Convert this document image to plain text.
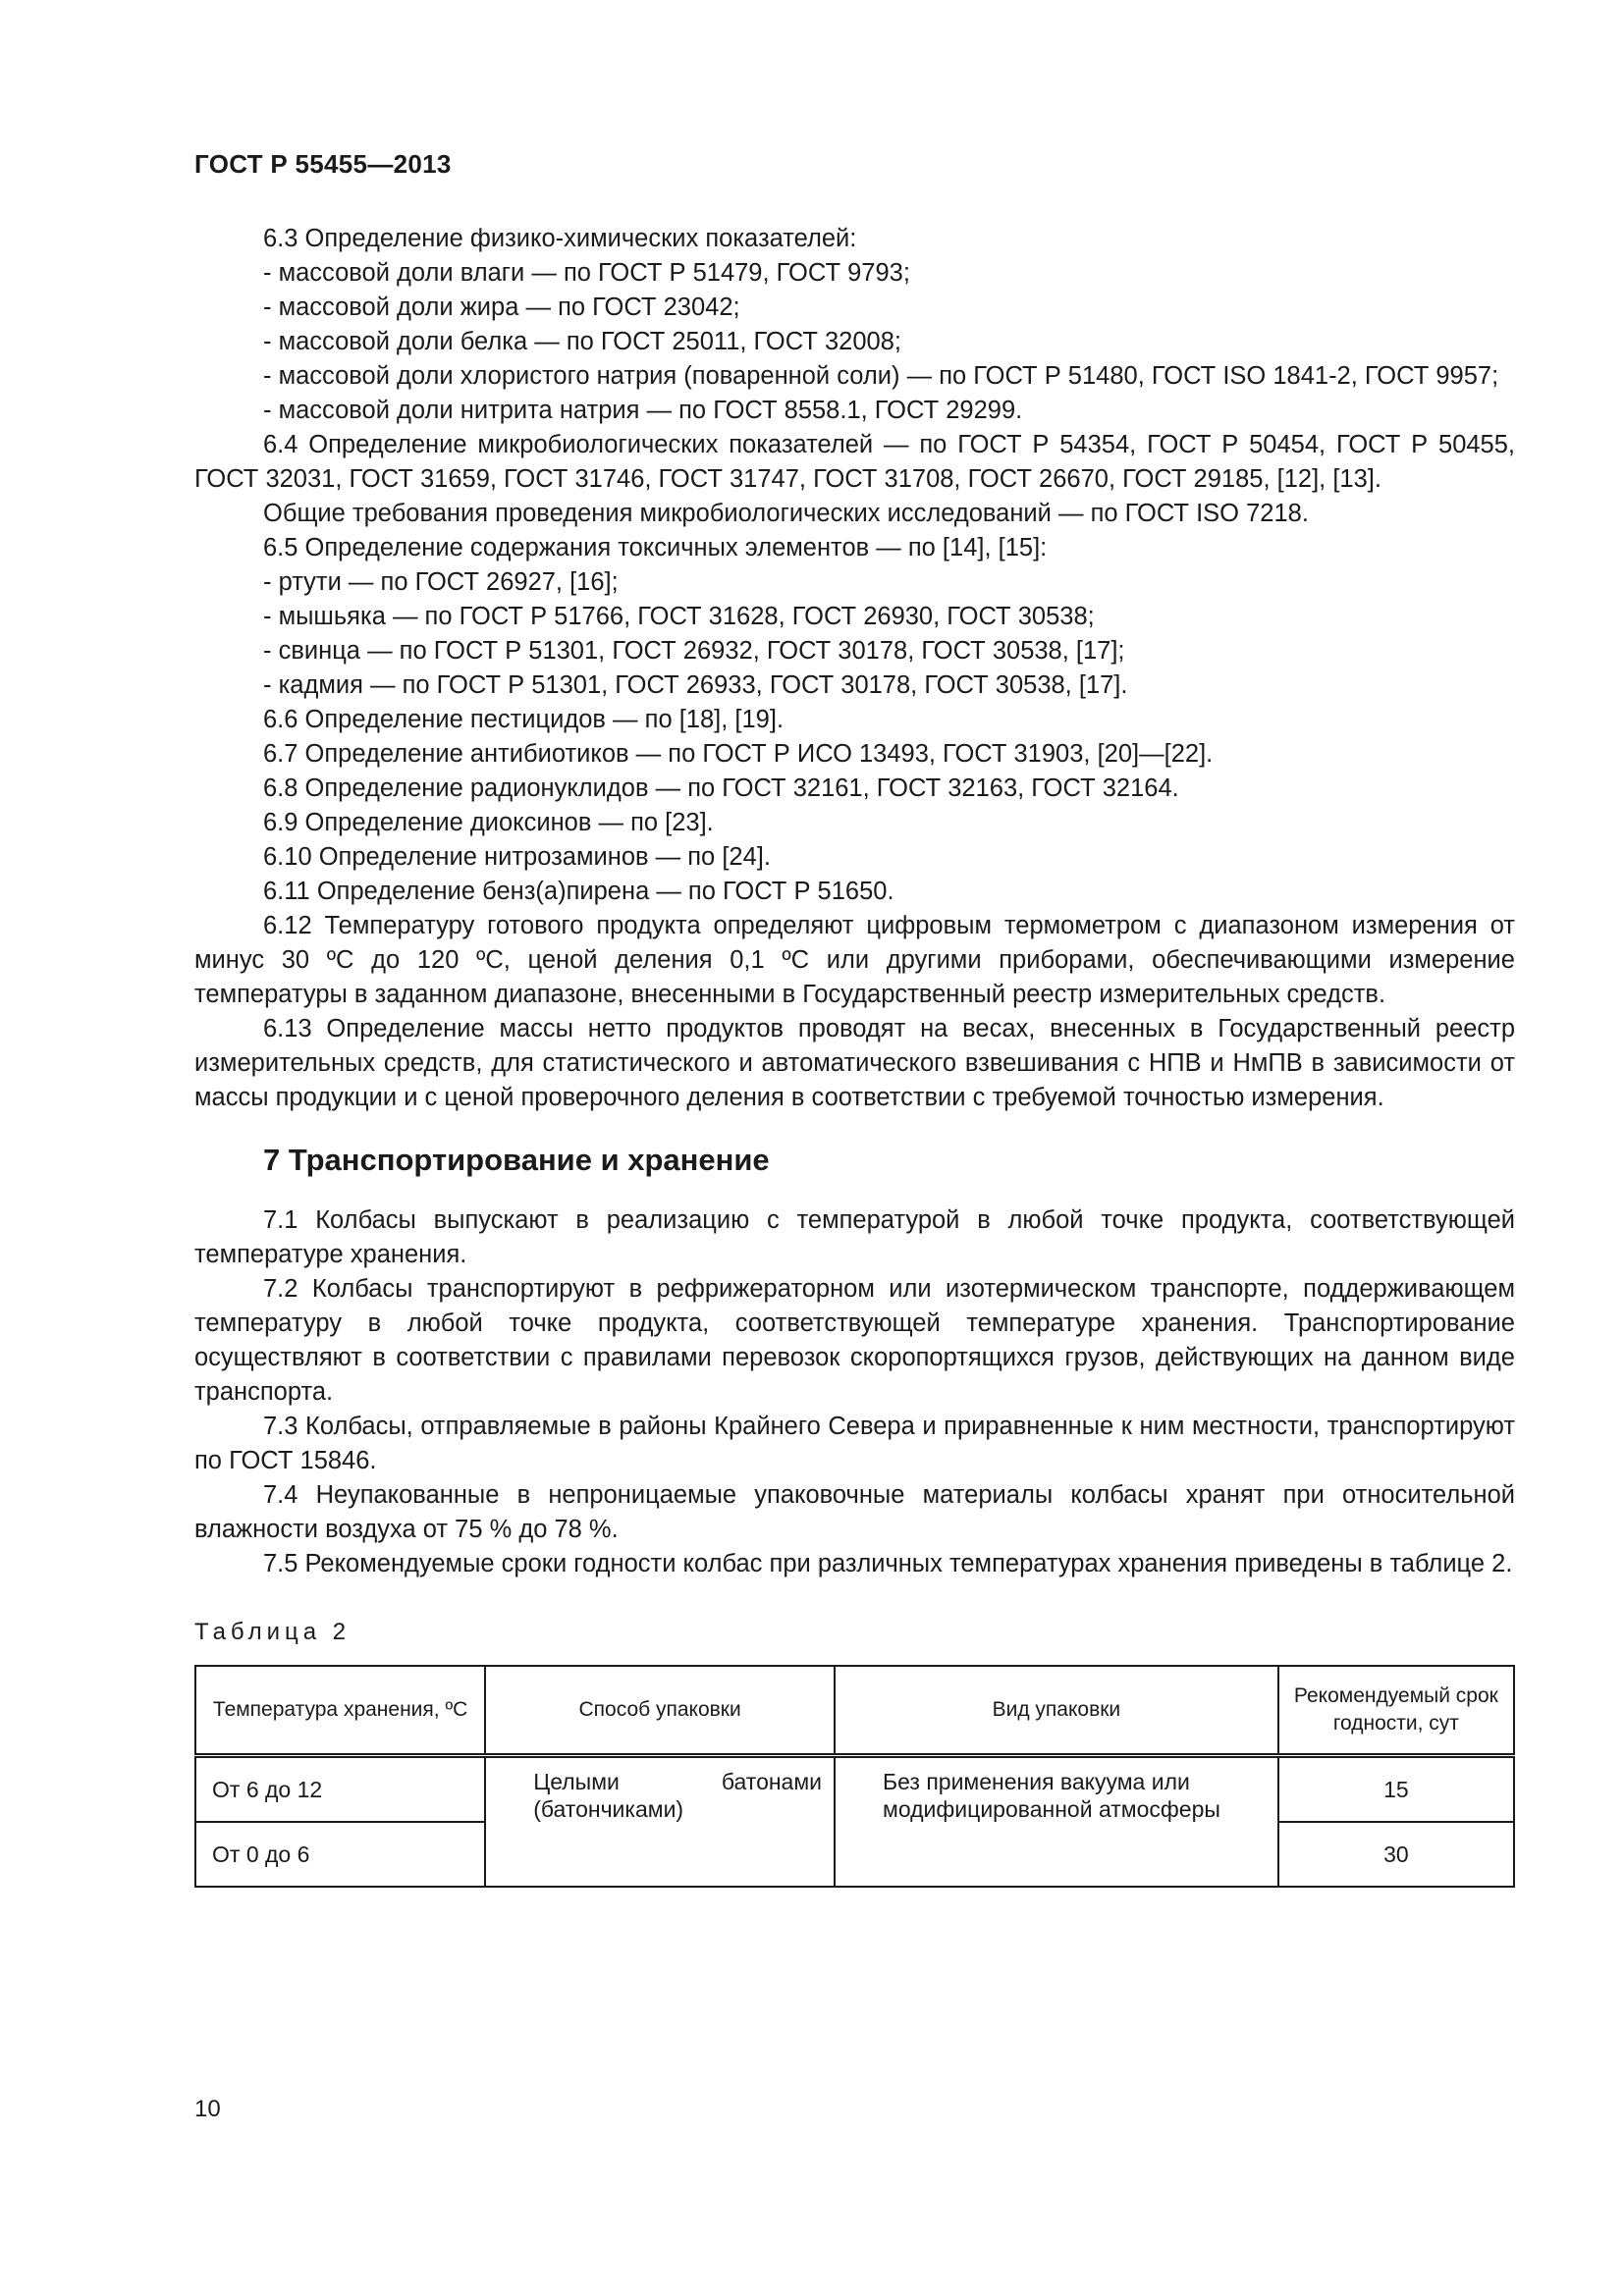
ГОСТ Р 55455—2013

6.3 Определение физико-химических показателей:

- массовой доли влаги — по ГОСТ Р 51479, ГОСТ 9793;

- массовой доли жира — по ГОСТ 23042;

- массовой доли белка — по ГОСТ 25011, ГОСТ 32008;

- массовой доли хлористого натрия (поваренной соли) — по ГОСТ Р 51480, ГОСТ ISO 1841-2, ГОСТ 9957;

- массовой доли нитрита натрия — по ГОСТ 8558.1, ГОСТ 29299.

6.4 Определение микробиологических показателей — по ГОСТ Р 54354, ГОСТ Р 50454, ГОСТ Р 50455, ГОСТ 32031, ГОСТ 31659, ГОСТ 31746, ГОСТ 31747, ГОСТ 31708, ГОСТ 26670, ГОСТ 29185, [12], [13].

Общие требования проведения микробиологических исследований — по ГОСТ ISO 7218.

6.5 Определение содержания токсичных элементов — по [14], [15]:

- ртути — по ГОСТ 26927, [16];

- мышьяка — по ГОСТ Р 51766, ГОСТ 31628, ГОСТ 26930, ГОСТ 30538;

- свинца — по ГОСТ Р 51301, ГОСТ 26932, ГОСТ 30178, ГОСТ 30538, [17];

- кадмия — по ГОСТ Р 51301, ГОСТ 26933, ГОСТ 30178, ГОСТ 30538, [17].

6.6 Определение пестицидов — по [18], [19].

6.7 Определение антибиотиков — по ГОСТ Р ИСО 13493, ГОСТ 31903, [20]—[22].

6.8 Определение радионуклидов — по ГОСТ 32161, ГОСТ 32163, ГОСТ 32164.

6.9 Определение диоксинов — по [23].

6.10 Определение нитрозаминов — по [24].

6.11 Определение бенз(а)пирена — по ГОСТ Р 51650.

6.12 Температуру готового продукта определяют цифровым термометром с диапазоном измерения от минус 30 ºС до 120 ºС, ценой деления 0,1 ºС или другими приборами, обеспечивающими измерение температуры в заданном диапазоне, внесенными в Государственный реестр измерительных средств.

6.13 Определение массы нетто продуктов проводят на весах, внесенных в Государственный реестр измерительных средств, для статистического и автоматического взвешивания с НПВ и НмПВ в зависимости от массы продукции и с ценой проверочного деления в соответствии с требуемой точностью измерения.

7 Транспортирование и хранение

7.1 Колбасы выпускают в реализацию с температурой в любой точке продукта, соответствующей температуре хранения.

7.2 Колбасы транспортируют в рефрижераторном или изотермическом транспорте, поддерживающем температуру в любой точке продукта, соответствующей температуре хранения. Транспортирование осуществляют в соответствии с правилами перевозок скоропортящихся грузов, действующих на данном виде транспорта.

7.3 Колбасы, отправляемые в районы Крайнего Севера и приравненные к ним местности, транспортируют по ГОСТ 15846.

7.4 Неупакованные в непроницаемые упаковочные материалы колбасы хранят при относительной влажности воздуха от 75 % до 78 %.

7.5 Рекомендуемые сроки годности колбас при различных температурах хранения приведены в таблице 2.

Таблица 2

Температура хранения, ºС	Способ упаковки	Вид упаковки	Рекомендуемый срок годности, сут
От 6 до 12	Целыми батонами (батончиками)	Без применения вакуума или модифицированной атмосферы	15
От 0 до 6			30
10
